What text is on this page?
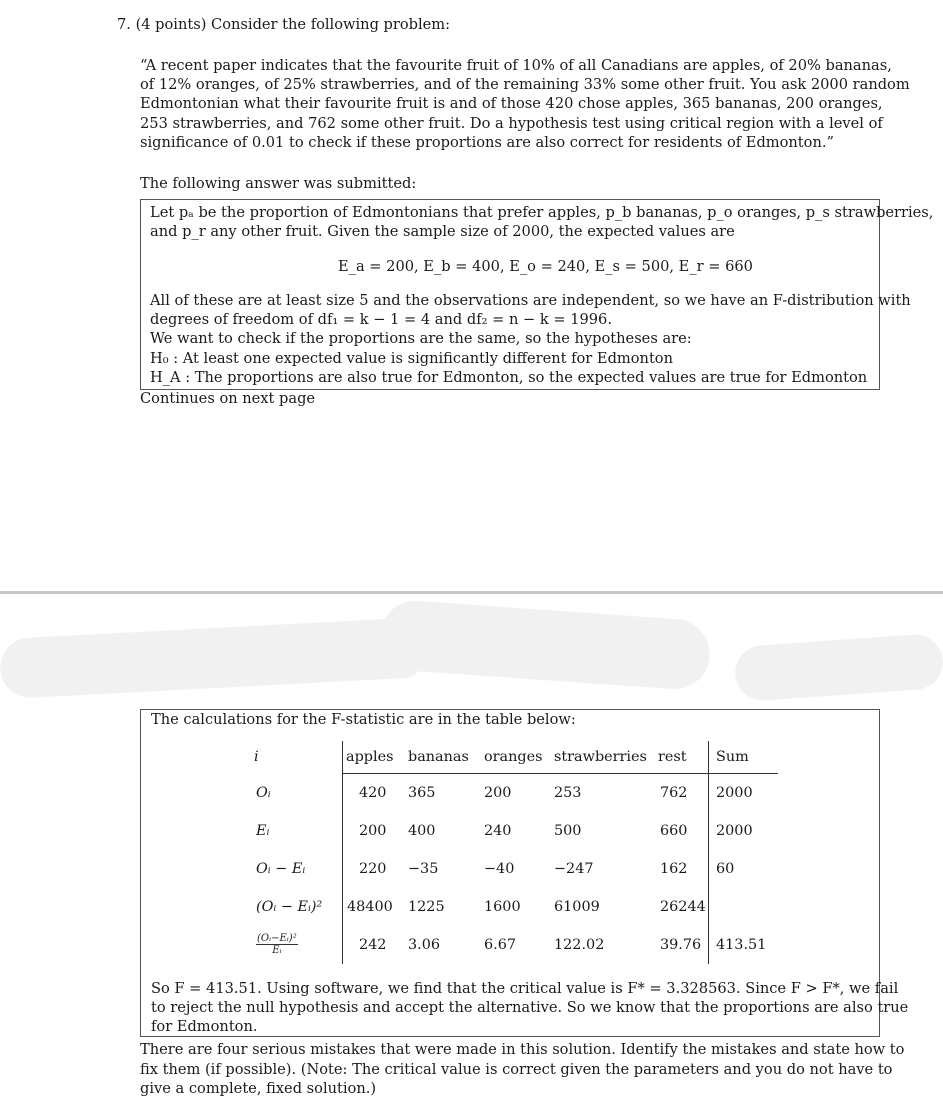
7. (4 points) Consider the following problem:
“A recent paper indicates that the favourite fruit of 10% of all Canadians are apples, of 20% bananas,
of 12% oranges, of 25% strawberries, and of the remaining 33% some other fruit. You ask 2000 random
Edmontonian what their favourite fruit is and of those 420 chose apples, 365 bananas, 200 oranges,
253 strawberries, and 762 some other fruit. Do a hypothesis test using critical region with a level of
significance of 0.01 to check if these proportions are also correct for residents of Edmonton.”
The following answer was submitted:
Let pₐ be the proportion of Edmontonians that prefer apples, p_b bananas, p_o oranges, p_s strawberries,
and p_r any other fruit. Given the sample size of 2000, the expected values are
E_a = 200, E_b = 400, E_o = 240, E_s = 500, E_r = 660
All of these are at least size 5 and the observations are independent, so we have an F-distribution with
degrees of freedom of df₁ = k − 1 = 4 and df₂ = n − k = 1996.
We want to check if the proportions are the same, so the hypotheses are:
H₀ : At least one expected value is significantly different for Edmonton
H_A : The proportions are also true for Edmonton, so the expected values are true for Edmonton
Continues on next page
The calculations for the F-statistic are in the table below:
i	apples	bananas	oranges	strawberries	rest	Sum
Oᵢ	420	365	200	253	762	2000
Eᵢ	200	400	240	500	660	2000
Oᵢ − Eᵢ	220	−35	−40	−247	162	60
(Oᵢ − Eᵢ)²	48400	1225	1600	61009	26244	

$\frac{\text{(Oᵢ−Eᵢ)²}}{\text{Eᵢ}}$	242	3.06	6.67	122.02	39.76	413.51
So F = 413.51. Using software, we find that the critical value is F* = 3.328563. Since F > F*, we fail
to reject the null hypothesis and accept the alternative. So we know that the proportions are also true
for Edmonton.
There are four serious mistakes that were made in this solution. Identify the mistakes and state how to
fix them (if possible). (Note: The critical value is correct given the parameters and you do not have to
give a complete, fixed solution.)
